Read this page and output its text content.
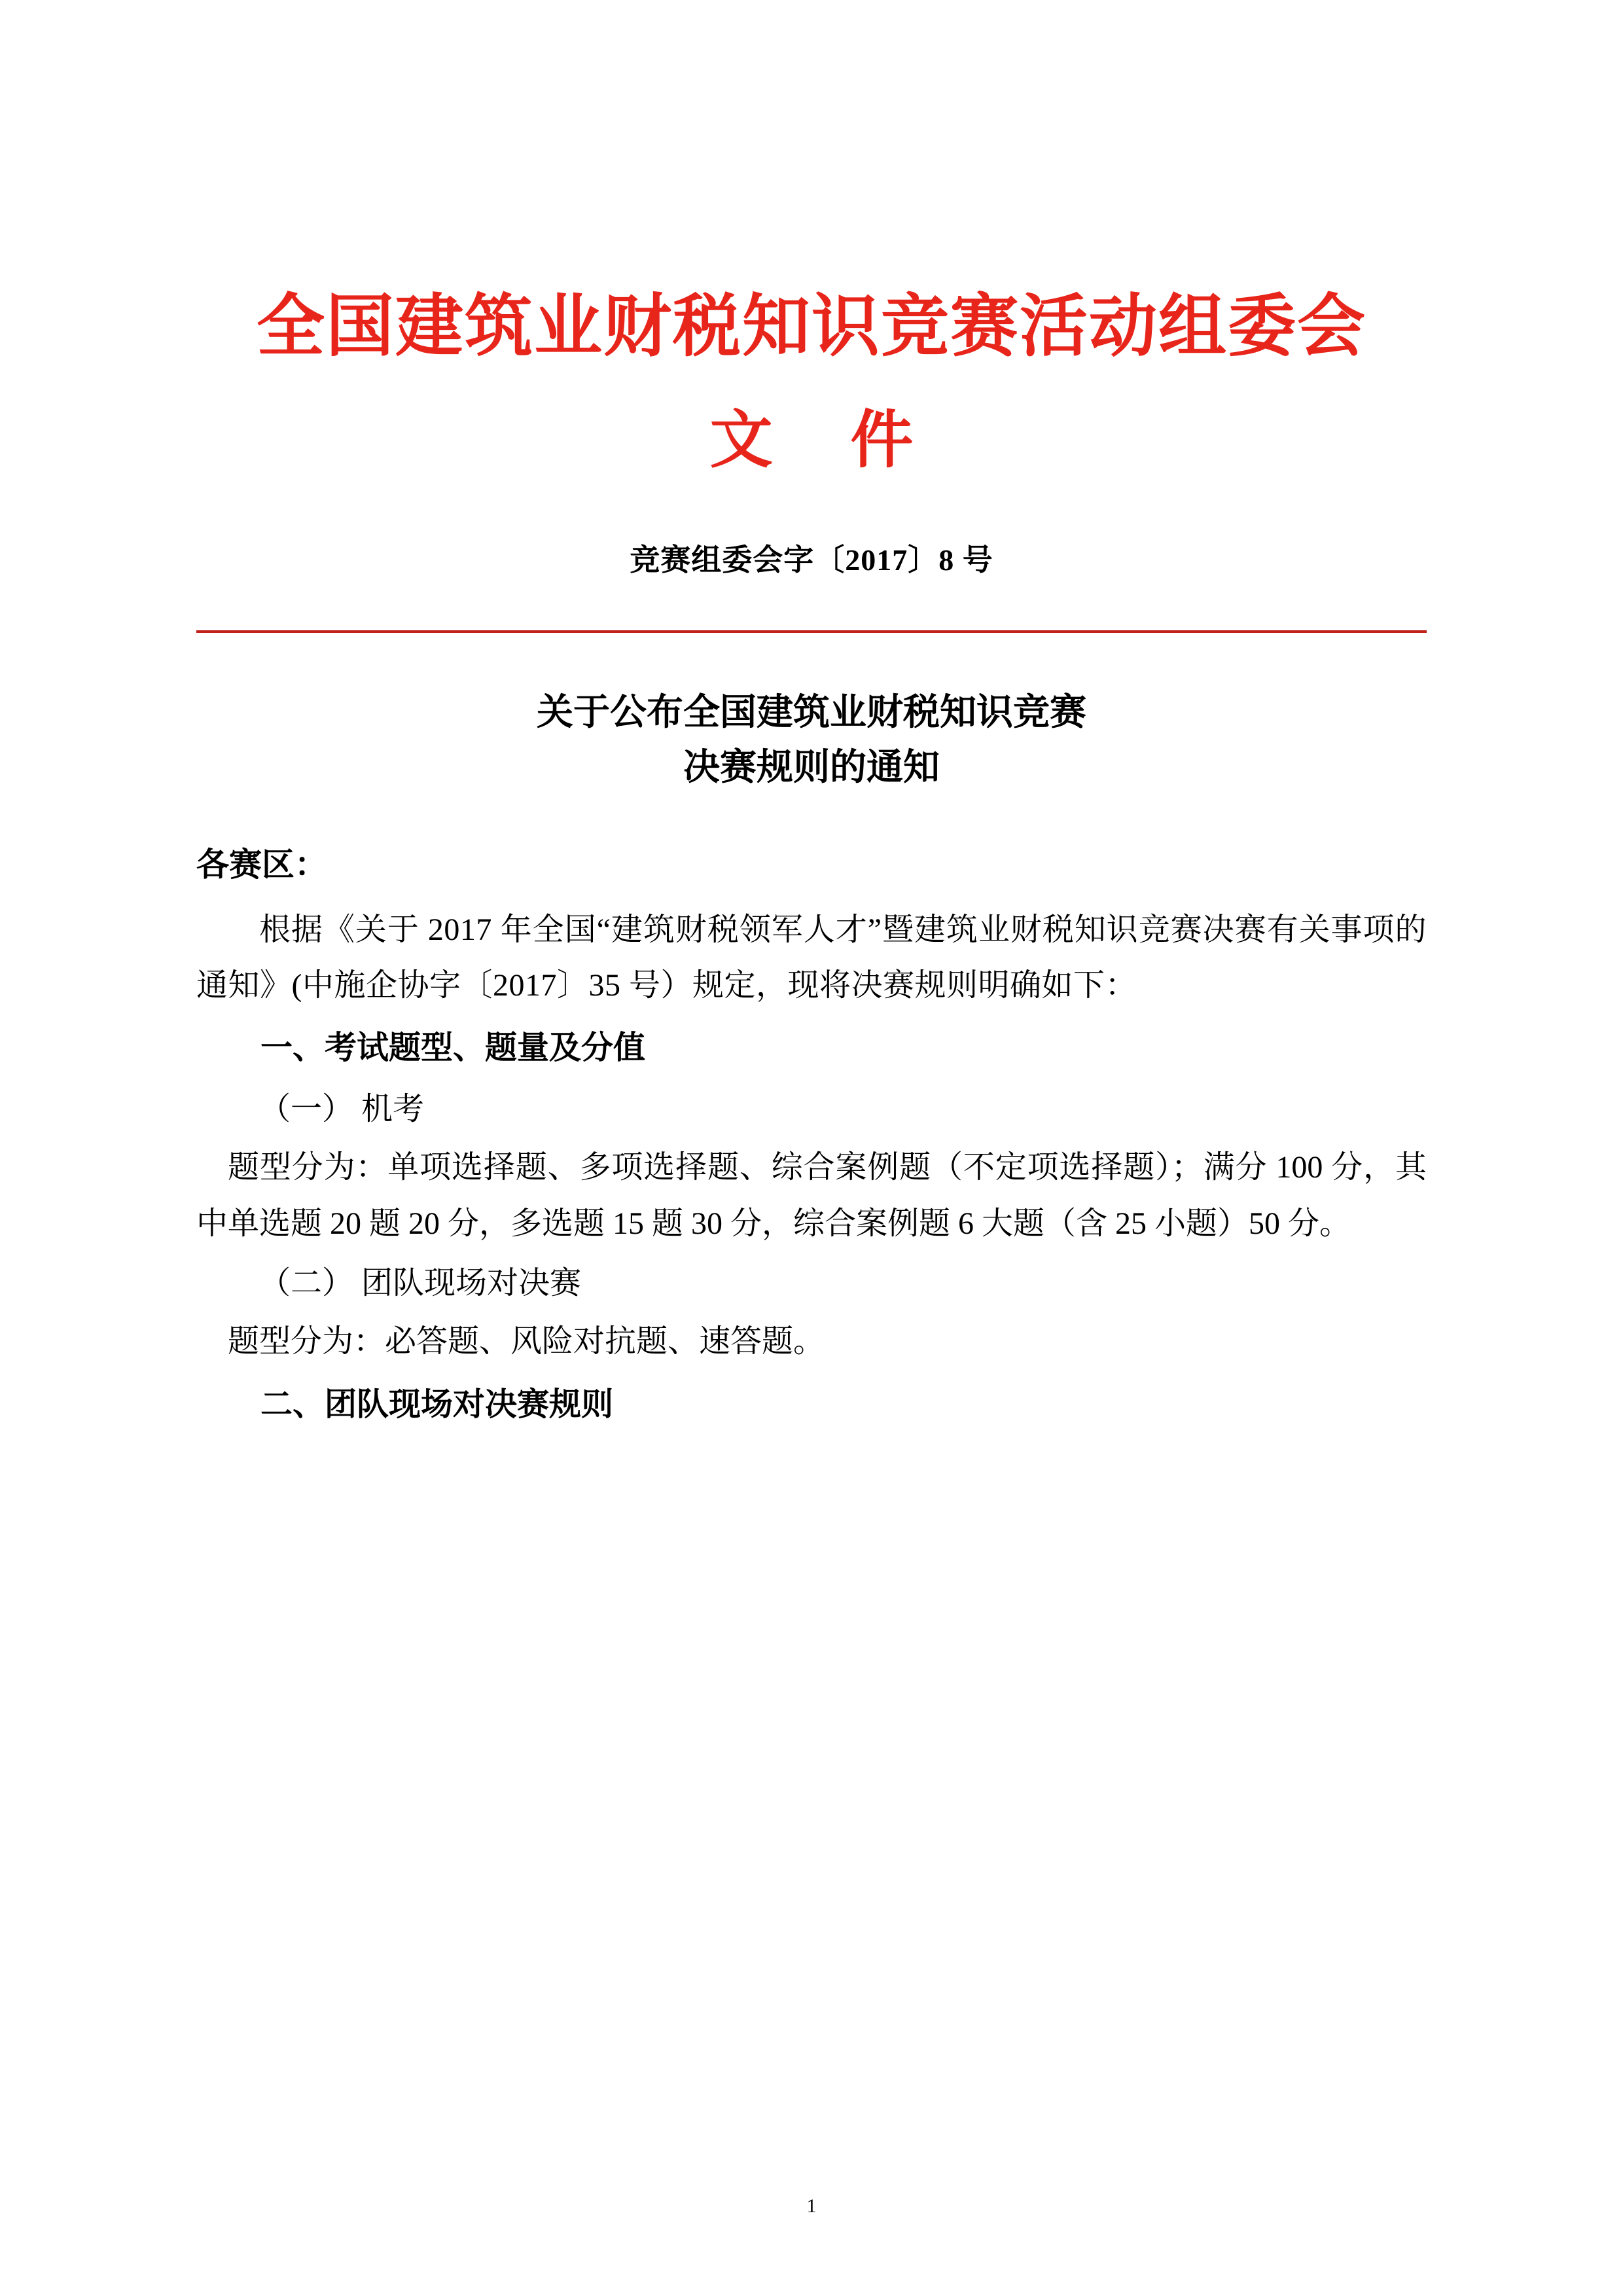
全国建筑业财税知识竞赛活动组委会
文 件
竞赛组委会字〔2017〕8 号
关于公布全国建筑业财税知识竞赛
决赛规则的通知
各赛区：

根据《关于 2017 年全国“建筑财税领军人才”暨建筑业财税知识竞赛决赛有关事项的通知》(中施企协字〔2017〕35 号）规定，现将决赛规则明确如下：

一、考试题型、题量及分值

（一） 机考

题型分为：单项选择题、多项选择题、综合案例题（不定项选择题）；满分 100 分，其中单选题 20 题 20 分，多选题 15 题 30 分，综合案例题 6 大题（含 25 小题）50 分。

（二） 团队现场对决赛

题型分为：必答题、风险对抗题、速答题。

二、团队现场对决赛规则

1
